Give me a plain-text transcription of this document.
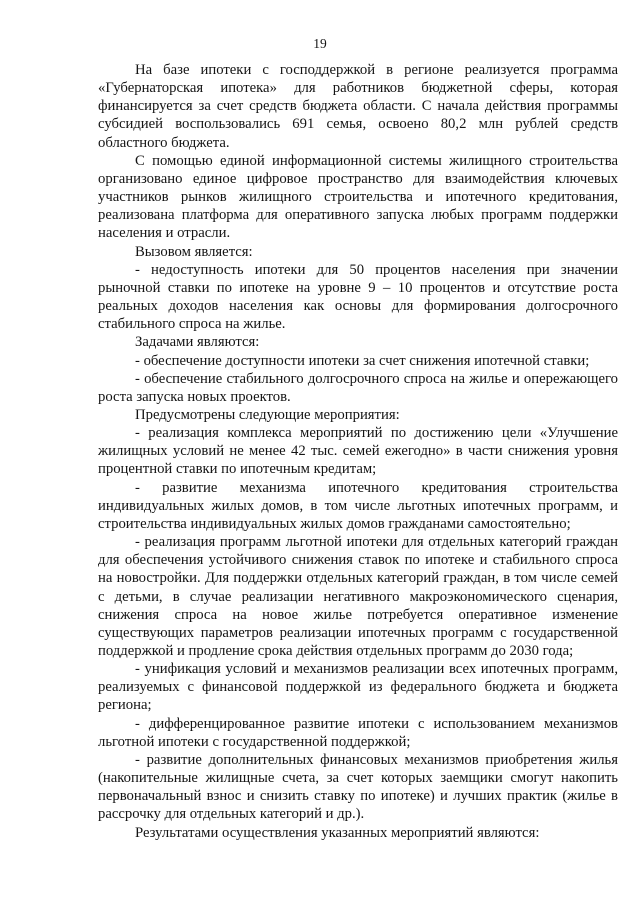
19

На базе ипотеки с господдержкой в регионе реализуется программа «Губернаторская ипотека» для работников бюджетной сферы, которая финансируется за счет средств бюджета области. С начала действия программы субсидией воспользовались 691 семья, освоено 80,2 млн рублей средств областного бюджета.

С помощью единой информационной системы жилищного строительства организовано единое цифровое пространство для взаимодействия ключевых участников рынков жилищного строительства и ипотечного кредитования, реализована платформа для оперативного запуска любых программ поддержки населения и отрасли.

Вызовом является:

- недоступность ипотеки для 50 процентов населения при значении рыночной ставки по ипотеке на уровне 9 – 10 процентов и отсутствие роста реальных доходов населения как основы для формирования долгосрочного стабильного спроса на жилье.

Задачами являются:

- обеспечение доступности ипотеки за счет снижения ипотечной ставки;

- обеспечение стабильного долгосрочного спроса на жилье и опережающего роста запуска новых проектов.

Предусмотрены следующие мероприятия:

- реализация комплекса мероприятий по достижению цели «Улучшение жилищных условий не менее 42 тыс. семей ежегодно» в части снижения уровня процентной ставки по ипотечным кредитам;

- развитие механизма ипотечного кредитования строительства индивидуальных жилых домов, в том числе льготных ипотечных программ, и строительства индивидуальных жилых домов гражданами самостоятельно;

- реализация программ льготной ипотеки для отдельных категорий граждан для обеспечения устойчивого снижения ставок по ипотеке и стабильного спроса на новостройки. Для поддержки отдельных категорий граждан, в том числе семей с детьми, в случае реализации негативного макроэкономического сценария, снижения спроса на новое жилье потребуется оперативное изменение существующих параметров реализации ипотечных программ с государственной поддержкой и продление срока действия отдельных программ до 2030 года;

- унификация условий и механизмов реализации всех ипотечных программ, реализуемых с финансовой поддержкой из федерального бюджета и бюджета региона;

- дифференцированное развитие ипотеки с использованием механизмов льготной ипотеки с государственной поддержкой;

- развитие дополнительных финансовых механизмов приобретения жилья (накопительные жилищные счета, за счет которых заемщики смогут накопить первоначальный взнос и снизить ставку по ипотеке) и лучших практик (жилье в рассрочку для отдельных категорий и др.).

Результатами осуществления указанных мероприятий являются:
